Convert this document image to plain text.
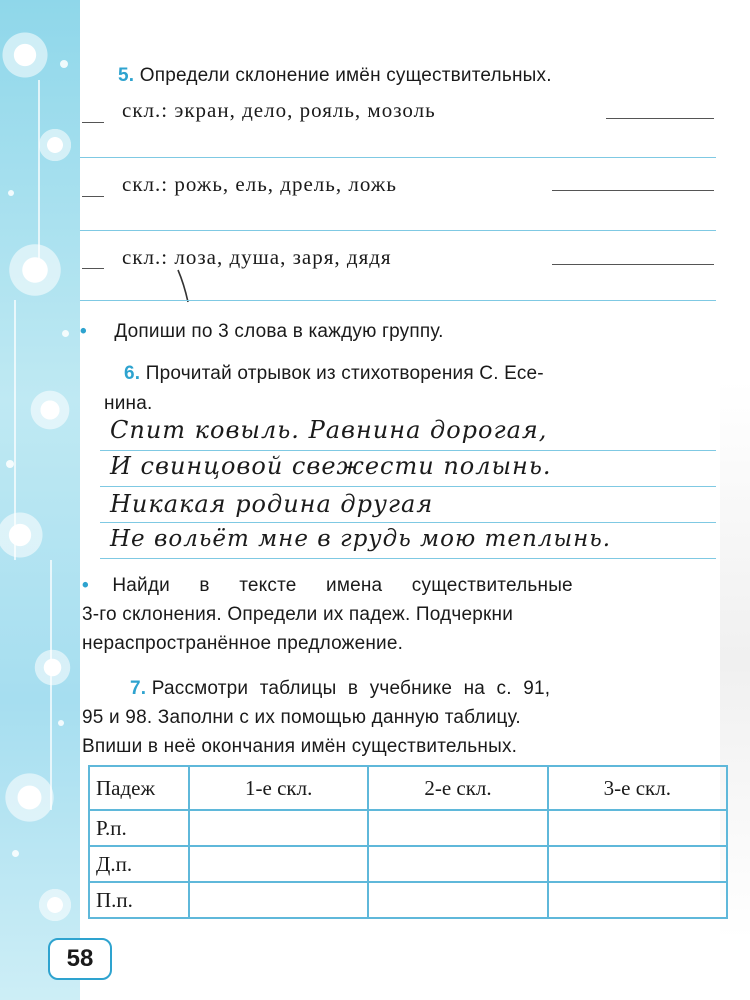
5. Определи склонение имён существительных.
скл.: экран, дело, рояль, мозоль
скл.: рожь, ель, дрель, ложь
скл.: лоза, душа, заря, дядя
• Допиши по 3 слова в каждую группу.
6. Прочитай отрывок из стихотворения С. Есе-
нина.
Спит ковыль. Равнина дорогая,
И свинцовой свежести полынь.
Никакая родина другая
Не вольёт мне в грудь мою теплынь.
• Найди в тексте имена существительные
3-го склонения. Определи их падеж. Подчеркни
нераспространённое предложение.
7. Рассмотри таблицы в учебнике на с. 91,
95 и 98. Заполни с их помощью данную таблицу.
Впиши в неё окончания имён существительных.
Падеж	1-е скл.	2-е скл.	3-е скл.
Р.п.			
Д.п.			
П.п.			
58
